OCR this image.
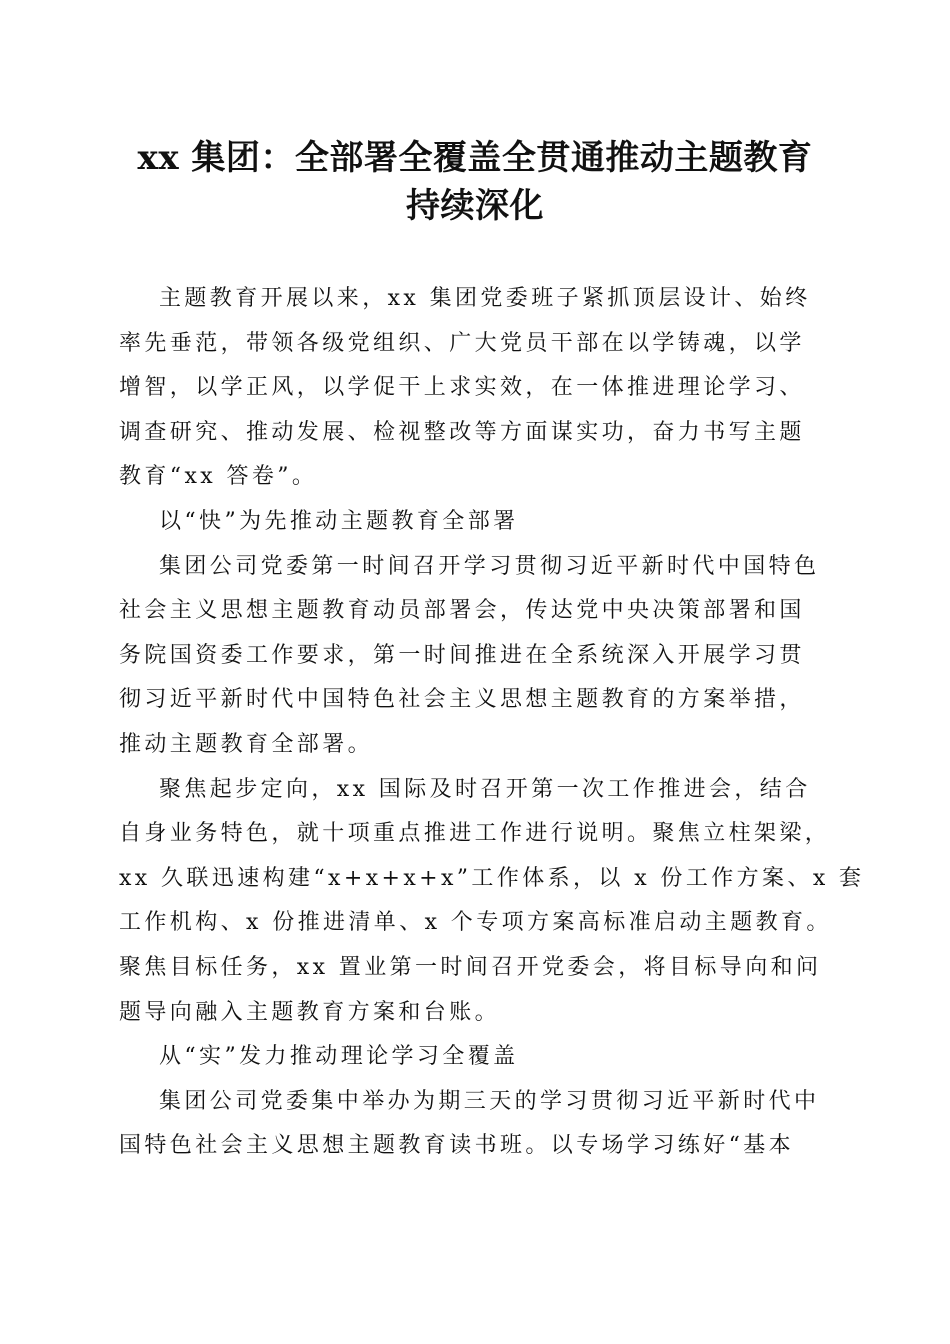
xx 集团：全部署全覆盖全贯通推动主题教育
持续深化
主题教育开展以来，xx 集团党委班子紧抓顶层设计、始终
率先垂范，带领各级党组织、广大党员干部在以学铸魂，以学
增智，以学正风，以学促干上求实效，在一体推进理论学习、
调查研究、推动发展、检视整改等方面谋实功，奋力书写主题
教育“xx 答卷”。
以“快”为先推动主题教育全部署
集团公司党委第一时间召开学习贯彻习近平新时代中国特色
社会主义思想主题教育动员部署会，传达党中央决策部署和国
务院国资委工作要求，第一时间推进在全系统深入开展学习贯
彻习近平新时代中国特色社会主义思想主题教育的方案举措，
推动主题教育全部署。
聚焦起步定向，xx 国际及时召开第一次工作推进会，结合
自身业务特色，就十项重点推进工作进行说明。聚焦立柱架梁，
xx 久联迅速构建“x+x+x+x”工作体系，以 x 份工作方案、x 套
工作机构、x 份推进清单、x 个专项方案高标准启动主题教育。
聚焦目标任务，xx 置业第一时间召开党委会，将目标导向和问
题导向融入主题教育方案和台账。
从“实”发力推动理论学习全覆盖
集团公司党委集中举办为期三天的学习贯彻习近平新时代中
国特色社会主义思想主题教育读书班。以专场学习练好“基本
